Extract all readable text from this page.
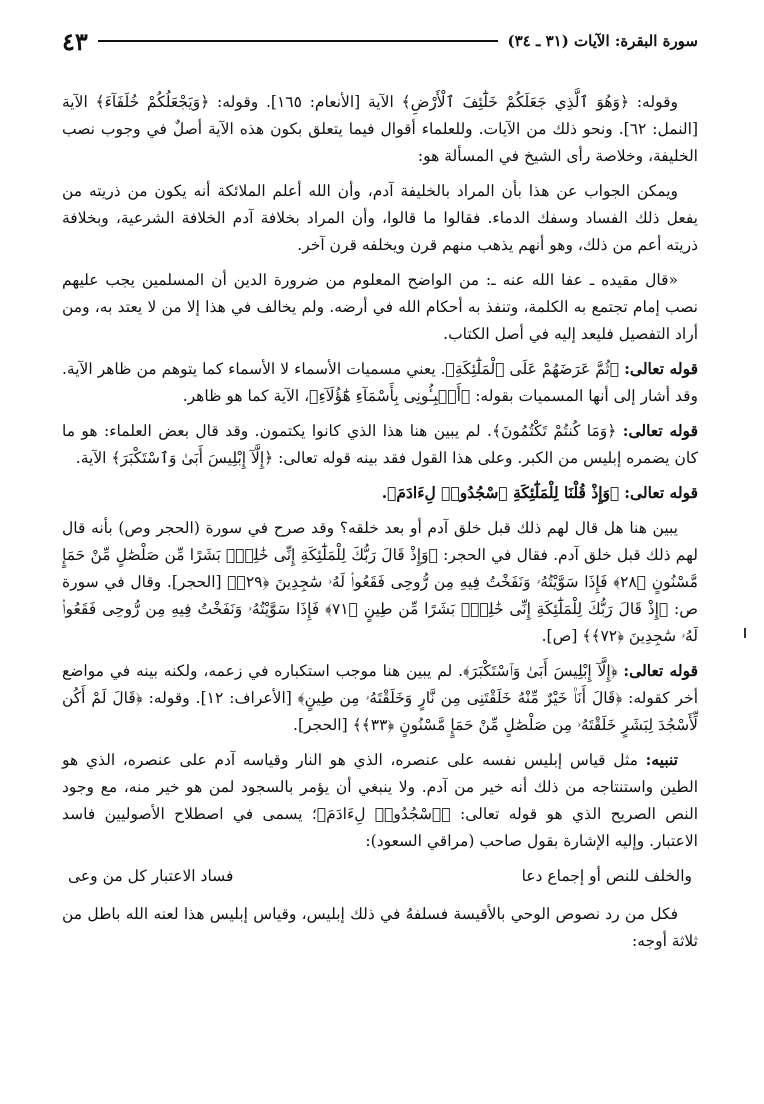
سورة البقرة: الآيات (٣١ ـ ٣٤)
٤٣

وقوله: ﴿وَهُوَ ٱلَّذِي جَعَلَكُمْ خَلَٰٓئِفَ ٱلْأَرْضِ﴾ الآية [الأنعام: ١٦٥]. وقوله: ﴿وَيَجْعَلُكُمْ خُلَفَآءَ﴾ الآية [النمل: ٦٢]. ونحو ذلك من الآيات. وللعلماء أقوال فيما يتعلق بكون هذه الآية أصلٌ في وجوب نصب الخليفة، وخلاصة رأى الشيخ في المسألة هو:

ويمكن الجواب عن هذا بأن المراد بالخليفة آدم، وأن الله أعلم الملائكة أنه يكون من ذريته من يفعل ذلك الفساد وسفك الدماء. فقالوا ما قالوا، وأن المراد بخلافة آدم الخلافة الشرعية، وبخلافة ذريته أعم من ذلك، وهو أنهم يذهب منهم قرن ويخلفه قرن آخر.

«قال مقيده ـ عفا الله عنه ـ: من الواضح المعلوم من ضرورة الدين أن المسلمين يجب عليهم نصب إمام تجتمع به الكلمة، وتنفذ به أحكام الله في أرضه. ولم يخالف في هذا إلا من لا يعتد به، ومن أراد التفصيل فليعد إليه في أصل الكتاب.

قوله تعالى: ﴿ثُمَّ عَرَضَهُمْ عَلَى ٱلْمَلَٰٓئِكَةِ﴾. يعني مسميات الأسماء لا الأسماء كما يتوهم من ظاهر الآية. وقد أشار إلى أنها المسميات بقوله: ﴿أَنۢبِـُٔونِى بِأَسْمَآءِ هَٰٓؤُلَآءِ﴾، الآية كما هو ظاهر.

قوله تعالى: ﴿وَمَا كُنتُمْ تَكْتُمُونَ﴾. لم يبين هنا هذا الذي كانوا يكتمون. وقد قال بعض العلماء: هو ما كان يضمره إبليس من الكبر. وعلى هذا القول فقد بينه قوله تعالى: ﴿إِلَّآ إِبْلِيسَ أَبَىٰ وَٱسْتَكْبَرَ﴾ الآية.

قوله تعالى: ﴿وَإِذْ قُلْنَا لِلْمَلَٰٓئِكَةِ ٱسْجُدُوا۟ لِءَادَمَ﴾.

يبين هنا هل قال لهم ذلك قبل خلق آدم أو بعد خلقه؟ وقد صرح في سورة (الحجر وص) بأنه قال لهم ذلك قبل خلق آدم. فقال في الحجر: ﴿وَإِذْ قَالَ رَبُّكَ لِلْمَلَٰٓئِكَةِ إِنِّى خَٰلِقٌۢ بَشَرًا مِّن صَلْصَٰلٍ مِّنْ حَمَإٍ مَّسْنُونٍ ﴿٢٨﴾ فَإِذَا سَوَّيْتُهُۥ وَنَفَخْتُ فِيهِ مِن رُّوحِى فَقَعُوا۟ لَهُۥ سَٰجِدِينَ ﴿٢٩﴾﴾ [الحجر]. وقال في سورة ص: ﴿إِذْ قَالَ رَبُّكَ لِلْمَلَٰٓئِكَةِ إِنِّى خَٰلِقٌۢ بَشَرًا مِّن طِينٍ ﴿٧١﴾ فَإِذَا سَوَّيْتُهُۥ وَنَفَخْتُ فِيهِ مِن رُّوحِى فَقَعُوا۟ لَهُۥ سَٰجِدِينَ ﴿٧٢﴾﴾ [ص].

قوله تعالى: ﴿إِلَّآ إِبْلِيسَ أَبَىٰ وَٱسْتَكْبَرَ﴾. لم يبين هنا موجب استكباره في زعمه، ولكنه بينه في مواضع أخر كقوله: ﴿قَالَ أَنَا۠ خَيْرٌ مِّنْهُ خَلَقْتَنِى مِن نَّارٍ وَخَلَقْتَهُۥ مِن طِينٍ﴾ [الأعراف: ١٢]. وقوله: ﴿قَالَ لَمْ أَكُن لِّأَسْجُدَ لِبَشَرٍ خَلَقْتَهُۥ مِن صَلْصَٰلٍ مِّنْ حَمَإٍ مَّسْنُونٍ ﴿٣٣﴾﴾ [الحجر].

تنبيه: مثل قياس إبليس نفسه على عنصره، الذي هو النار وقياسه آدم على عنصره، الذي هو الطين واستنتاجه من ذلك أنه خير من آدم. ولا ينبغي أن يؤمر بالسجود لمن هو خير منه، مع وجود النص الصريح الذي هو قوله تعالى: ﴿ٱسْجُدُوا۟ لِءَادَمَ﴾؛ يسمى في اصطلاح الأصوليين فاسد الاعتبار. وإليه الإشارة بقول صاحب (مراقي السعود):

والخلف للنص أو إجماع دعا
فساد الاعتبار كل من وعى

فكل من رد نصوص الوحي بالأقيسة فسلفهُ في ذلك إبليس، وقياس إبليس هذا لعنه الله باطل من ثلاثة أوجه:
